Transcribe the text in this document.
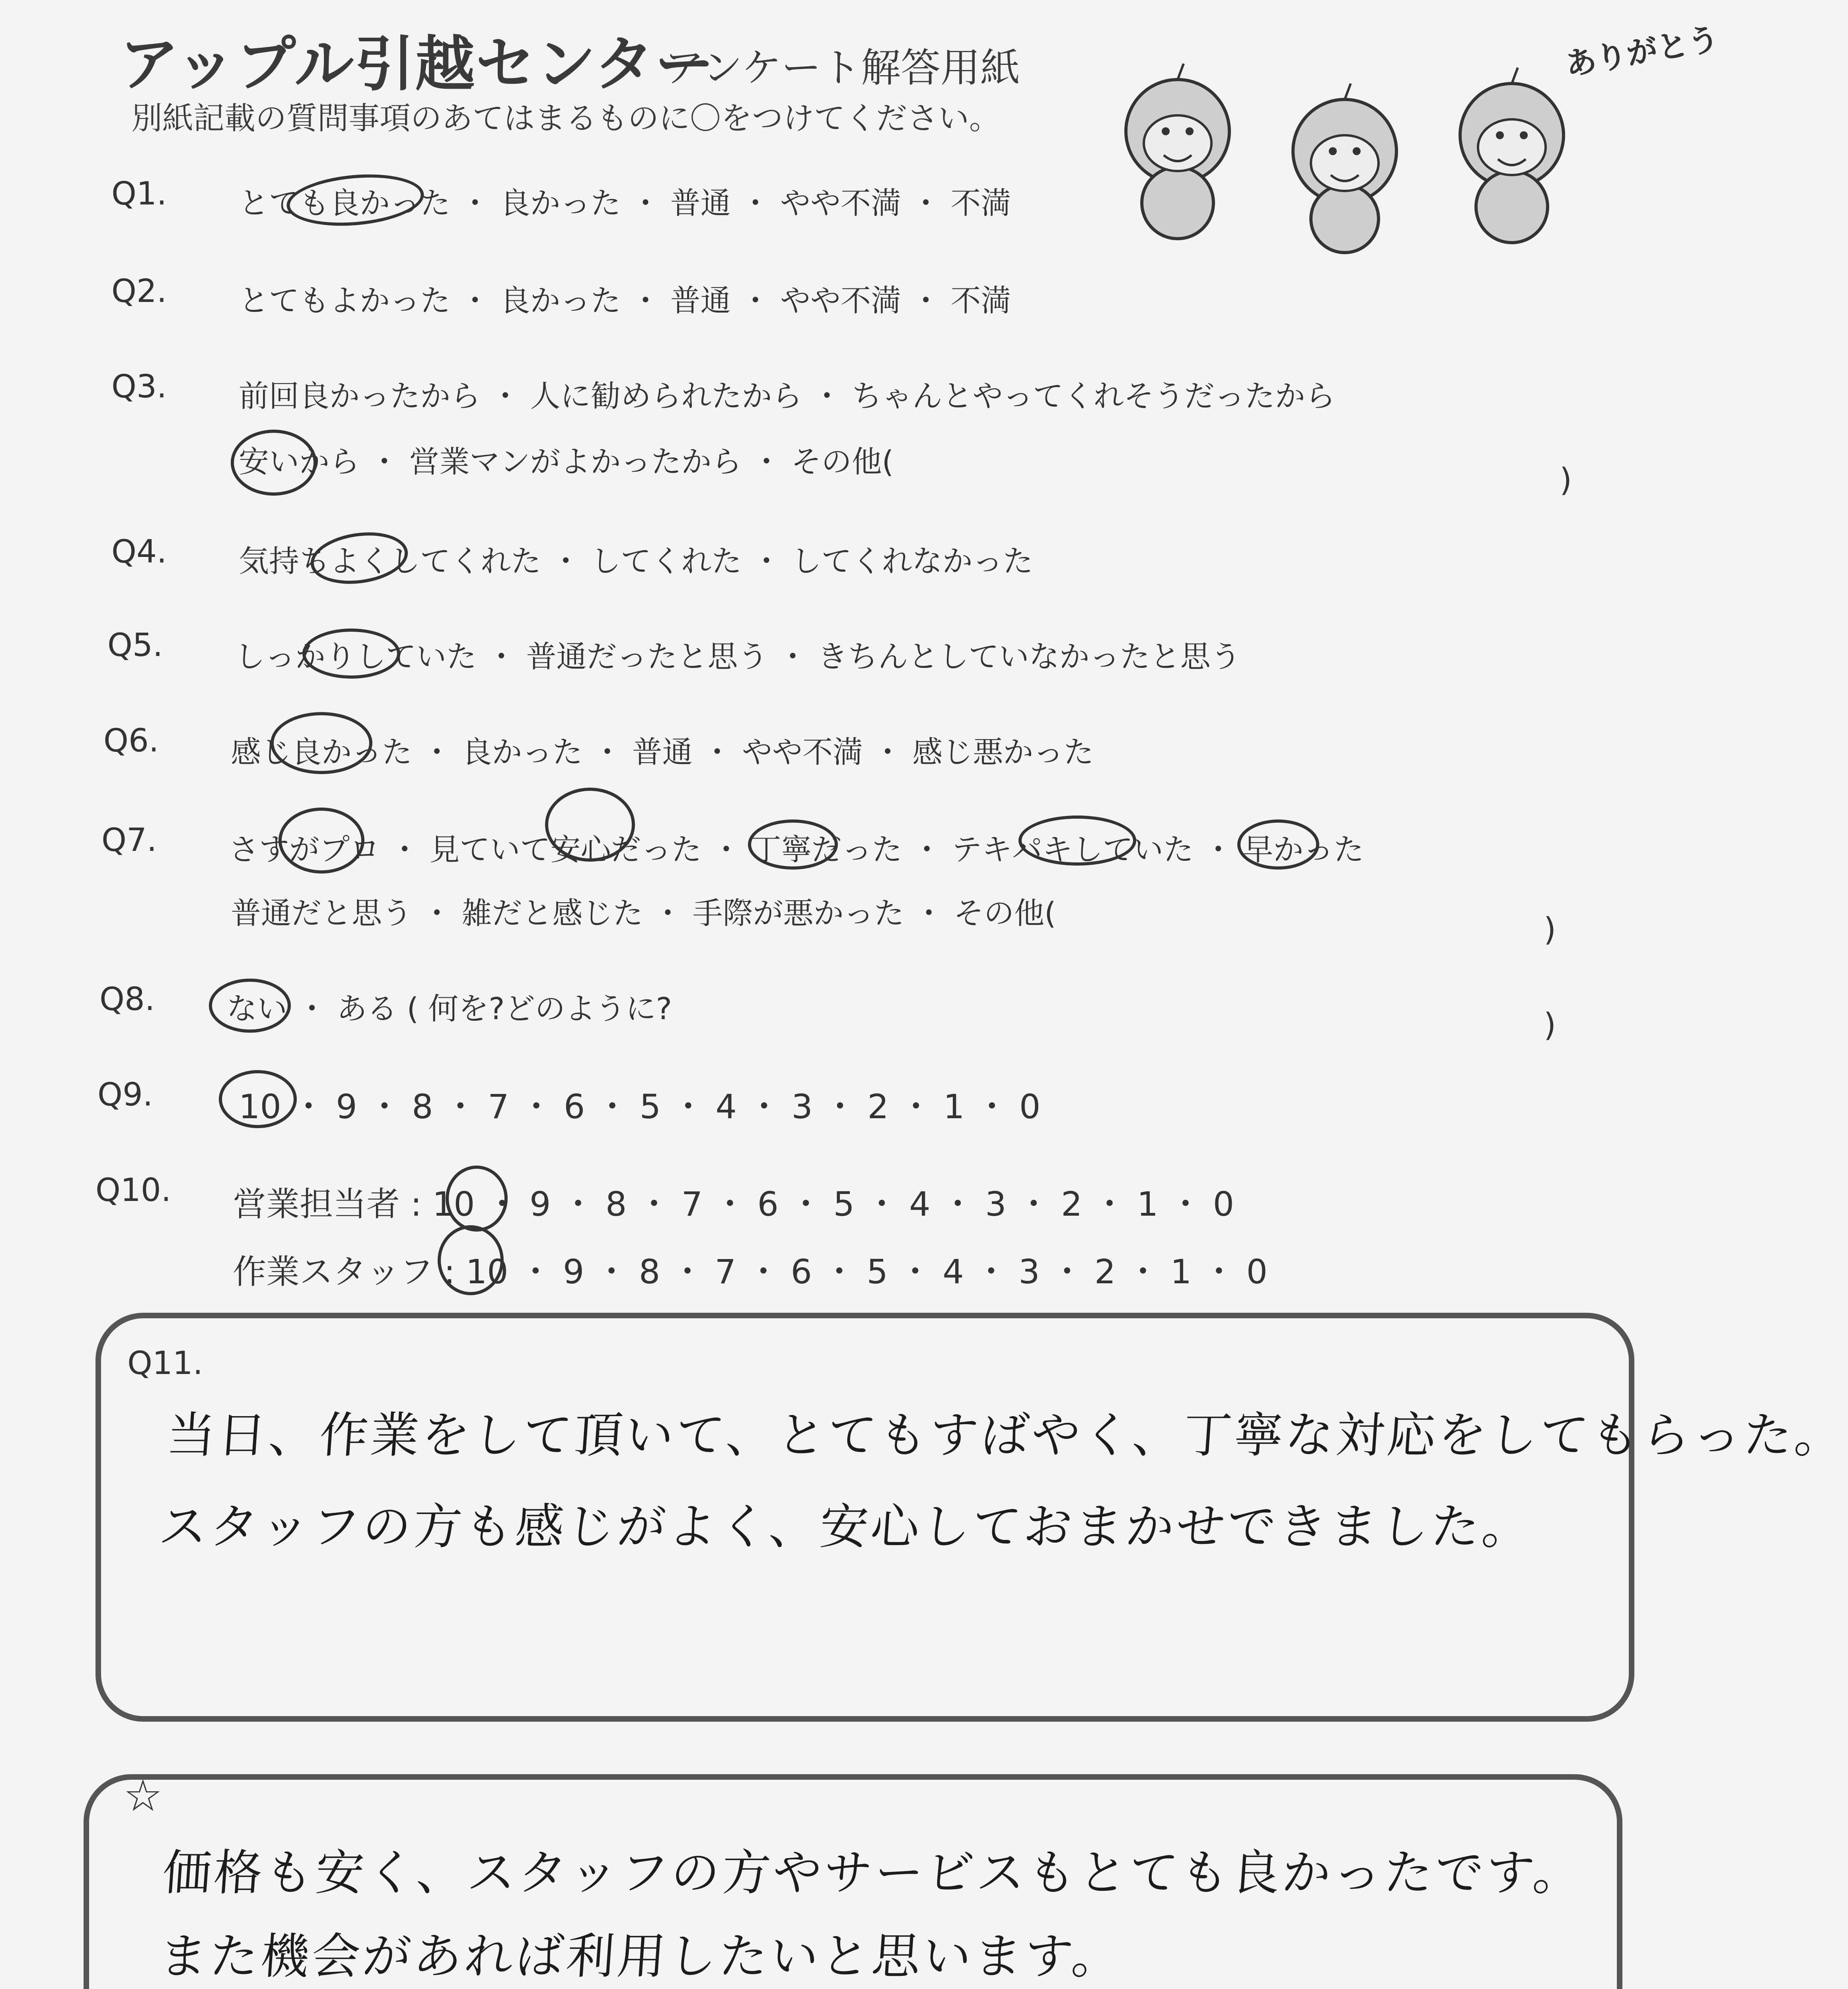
アップル引越センター
アンケート解答用紙
別紙記載の質問事項のあてはまるものに〇をつけてください。
ありがとう
Q1. とても良かった ・ 良かった ・ 普通 ・ やや不満 ・ 不満
Q2. とてもよかった ・ 良かった ・ 普通 ・ やや不満 ・ 不満
Q3. 前回良かったから ・ 人に勧められたから ・ ちゃんとやってくれそうだったから
安いから ・ 営業マンがよかったから ・ その他(	)
Q4. 気持ちよくしてくれた ・ してくれた ・ してくれなかった
Q5. しっかりしていた ・ 普通だったと思う ・ きちんとしていなかったと思う
Q6. 感じ良かった ・ 良かった ・ 普通 ・ やや不満 ・ 感じ悪かった
Q7. さすがプロ ・ 見ていて安心だった ・ 丁寧だった ・ テキパキしていた ・ 早かった
普通だと思う ・ 雑だと感じた ・ 手際が悪かった ・ その他(	)
Q8. ない ・ ある ( 何を?どのように?	)
Q9.	10 ・ 9 ・ 8 ・ 7 ・ 6 ・ 5 ・ 4 ・ 3 ・ 2 ・ 1 ・ 0
Q10. 営業担当者 : 10 ・ 9 ・ 8 ・ 7 ・ 6 ・ 5 ・ 4 ・ 3 ・ 2 ・ 1 ・ 0
作業スタッフ : 10 ・ 9 ・ 8 ・ 7 ・ 6 ・ 5 ・ 4 ・ 3 ・ 2 ・ 1 ・ 0
Q11.
当日、作業をして頂いて、とてもすばやく、丁寧な対応をしてもらった。
スタッフの方も感じがよく、安心しておまかせできました。
☆
価格も安く、スタッフの方やサービスもとても良かったです。
また機会があれば利用したいと思います。
